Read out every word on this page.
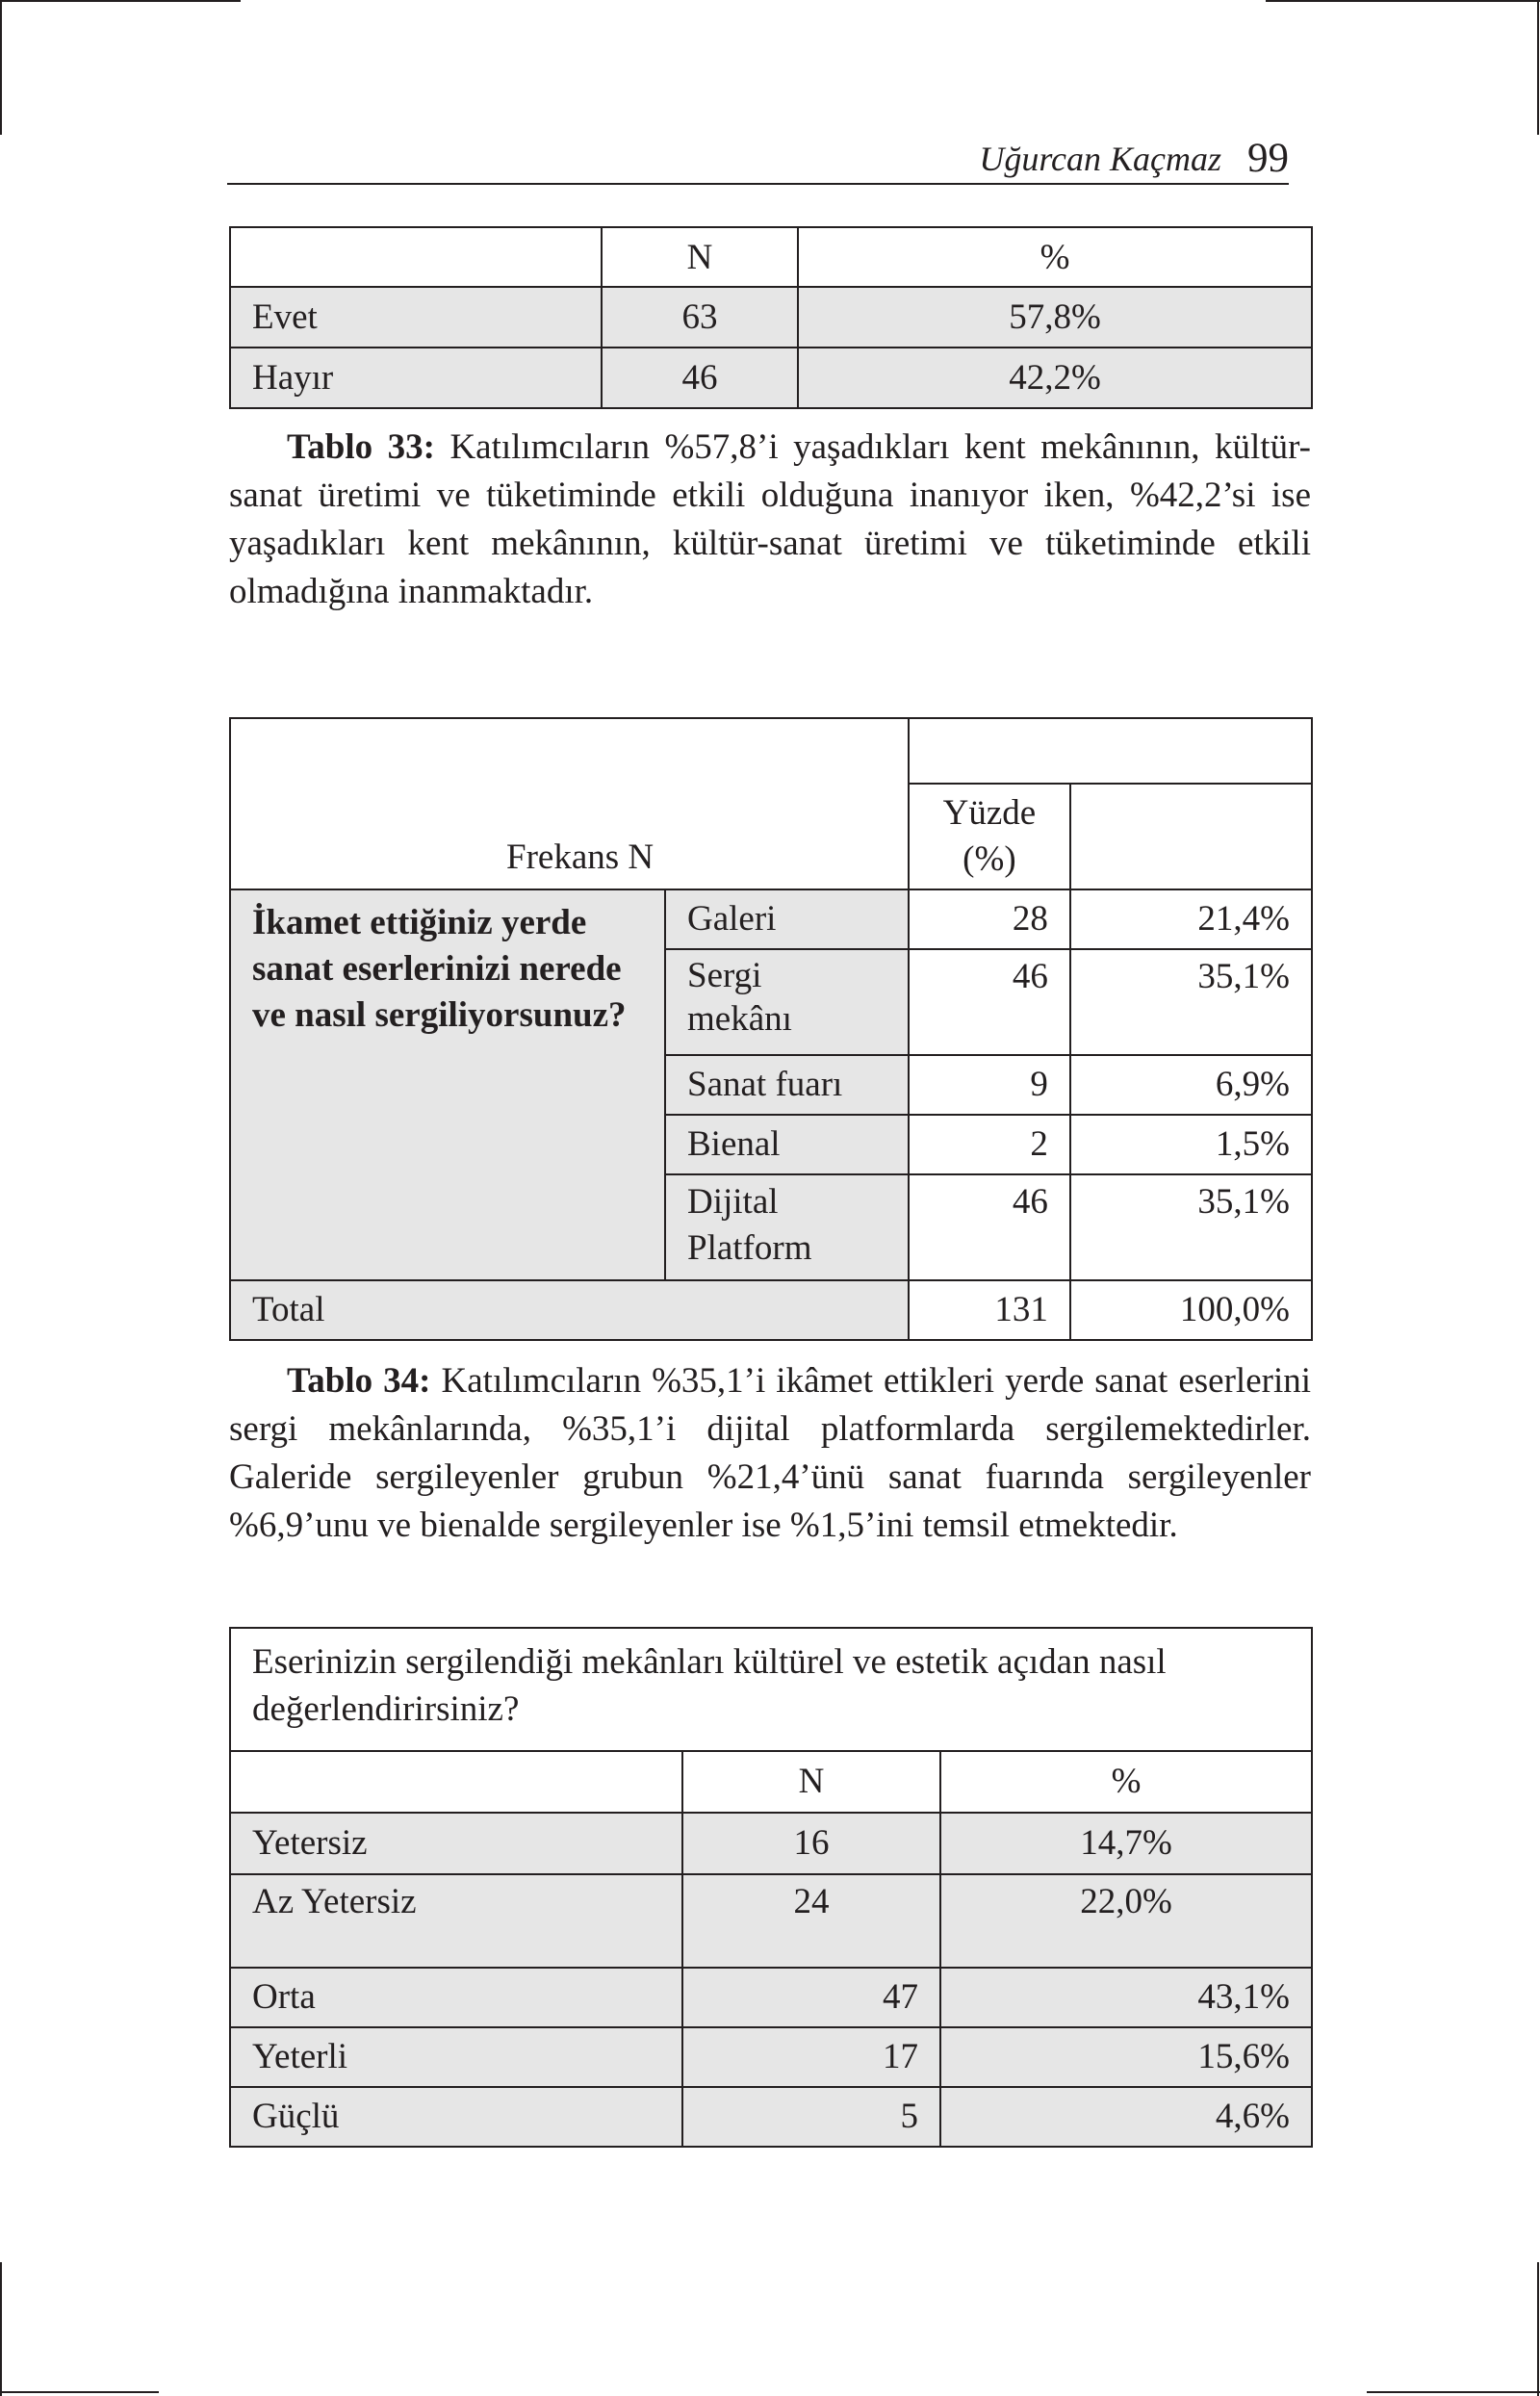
Uğurcan Kaçmaz 99
	N	%
Evet	63	57,8%
Hayır	46	42,2%

Tablo 33: Katılımcıların %57,8’i yaşadıkları kent mekânının, kültür-sanat üretimi ve tüketiminde etkili olduğuna inanıyor iken, %42,2’si ise yaşadıkları kent mekânının, kültür-sanat üretimi ve tüketiminde etkili olmadığına inanmaktadır.

Frekans N			

		Yüzde (%)	
İkamet ettiğiniz yerde sanat eserlerinizi nerede ve nasıl sergiliyorsunuz?	Galeri	28	21,4%
	Sergi mekânı	46	35,1%
	Sanat fuarı	9	6,9%
	Bienal	2	1,5%
	Dijital Platform	46	35,1%
Total		131	100,0%

Tablo 34: Katılımcıların %35,1’i ikâmet ettikleri yerde sanat eserlerini sergi mekânlarında, %35,1’i dijital platformlarda sergilemektedirler. Galeride sergileyenler grubun %21,4’ünü sanat fuarında sergileyenler %6,9’unu ve bienalde sergileyenler ise %1,5’ini temsil etmektedir.

Eserinizin sergilendiği mekânları kültürel ve estetik açıdan nasıl değerlendirirsiniz?		
	N	%
Yetersiz	16	14,7%
Az Yetersiz	24	22,0%
Orta	47	43,1%
Yeterli	17	15,6%
Güçlü	5	4,6%
